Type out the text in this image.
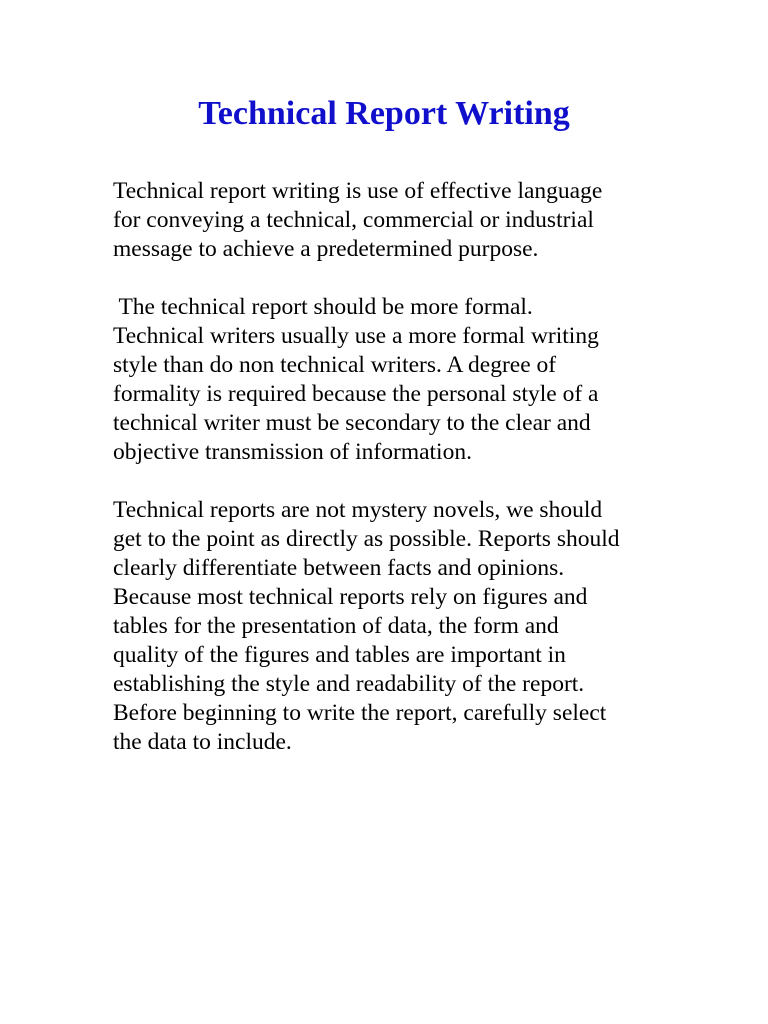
Technical Report Writing

Technical report writing is use of effective language
for conveying a technical, commercial or industrial
message to achieve a predetermined purpose.

The technical report should be more formal.
Technical writers usually use a more formal writing
style than do non technical writers. A degree of
formality is required because the personal style of a
technical writer must be secondary to the clear and
objective transmission of information.

Technical reports are not mystery novels, we should
get to the point as directly as possible. Reports should
clearly differentiate between facts and opinions.
Because most technical reports rely on figures and
tables for the presentation of data, the form and
quality of the figures and tables are important in
establishing the style and readability of the report.
Before beginning to write the report, carefully select
the data to include.
